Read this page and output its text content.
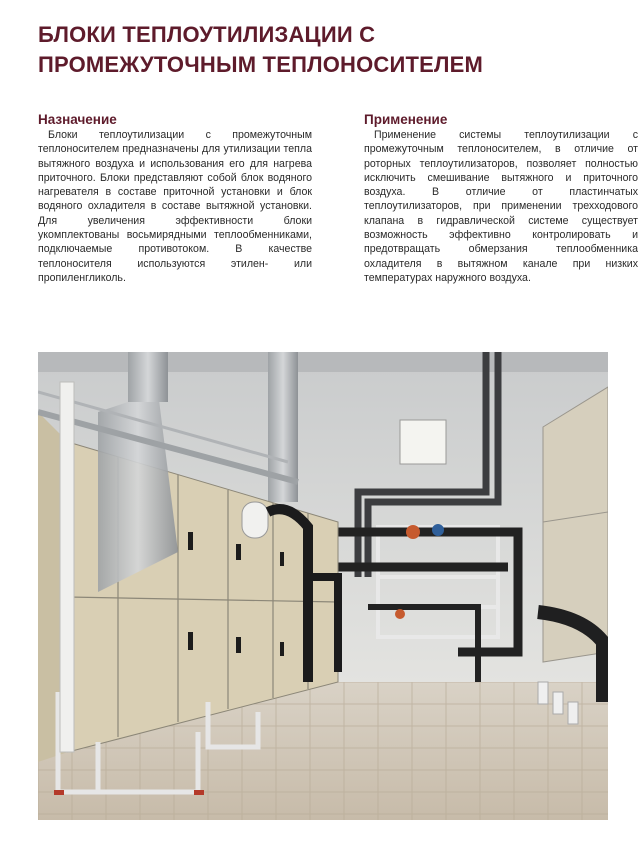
БЛОКИ ТЕПЛОУТИЛИЗАЦИИ С
ПРОМЕЖУТОЧНЫМ ТЕПЛОНОСИТЕЛЕМ
Назначение

Блоки теплоутилизации с промежуточным теплоносителем предназначены для утилизации тепла вытяжного воздуха и использования его для нагрева приточного. Блоки представляют собой блок водяного нагревателя в составе приточной установки и блок водяного охладителя в составе вытяжной установки. Для увеличения эффективности блоки укомплектованы восьмирядными теплообменниками, подключаемые противотоком. В качестве теплоносителя используются этилен- или пропиленгликоль.

Применение

Применение системы теплоутилизации с промежуточным теплоносителем, в отличие от роторных теплоутилизаторов, позволяет полностью исключить смешивание вытяжного и приточного воздуха. В отличие от пластинчатых теплоутилизаторов, при применении трехходового клапана в гидравлической системе существует возможность эффективно контролировать и предотвращать обмерзания теплообменника охладителя в вытяжном канале при низких температурах наружного воздуха.
